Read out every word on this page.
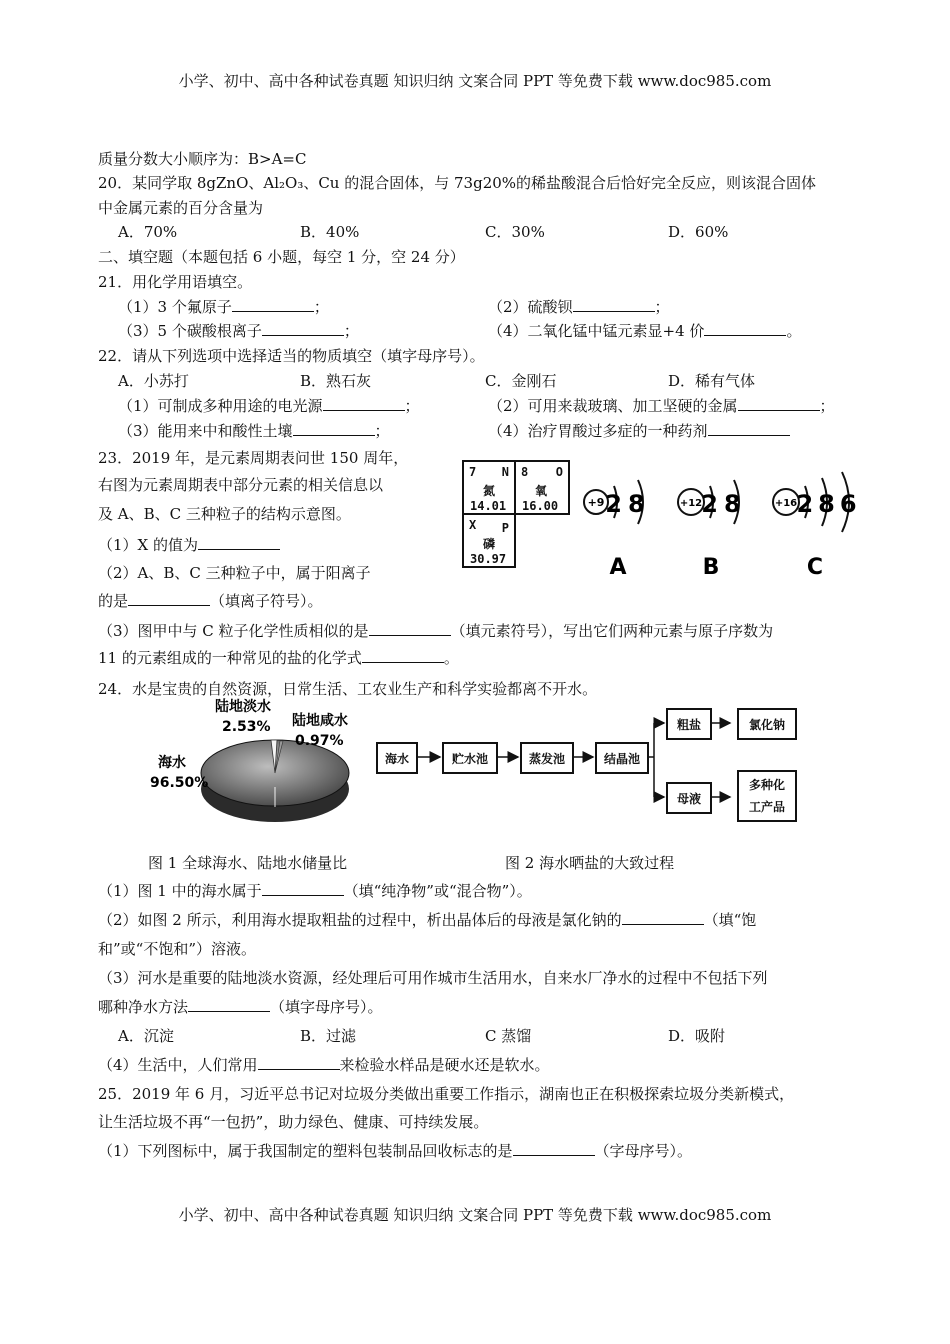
小学、初中、高中各种试卷真题 知识归纳 文案合同 PPT 等免费下载 www.doc985.com
小学、初中、高中各种试卷真题 知识归纳 文案合同 PPT 等免费下载 www.doc985.com
质量分数大小顺序为：B>A=C
20．某同学取 8gZnO、Al₂O₃、Cu 的混合固体，与 73g20%的稀盐酸混合后恰好完全反应，则该混合固体
中金属元素的百分含量为
A．70%	B．40%	C．30%	D．60%
二、填空题（本题包括 6 小题，每空 1 分，空 24 分）
21．用化学用语填空。
（1）3 个氟原子	；	（2）硫酸钡	；
（3）5 个碳酸根离子	；	（4）二氧化锰中锰元素显+4 价	。
22．请从下列选项中选择适当的物质填空（填字母序号）。
A．小苏打	B．熟石灰	C．金刚石	D．稀有气体
（1）可制成多种用途的电光源	；	（2）可用来裁玻璃、加工坚硬的金属	；
（3）能用来中和酸性土壤	；	（4）治疗胃酸过多症的一种药剂
23．2019 年，是元素周期表问世 150 周年，
右图为元素周期表中部分元素的相关信息以
及 A、B、C 三种粒子的结构示意图。
（1）X 的值为
（2）A、B、C 三种粒子中，属于阳离子
的是	（填离子符号）。
（3）图甲中与 C 粒子化学性质相似的是	（填元素符号），写出它们两种元素与原子序数为
11 的元素组成的一种常见的盐的化学式	。
7 N
氮
14.01
8 O
氧
16.00
X P
磷
30.97
+9 28
A
+12 28
B
+16 286
C
24．水是宝贵的自然资源，日常生活、工农业生产和科学实验都离不开水。
陆地淡水
2.53% 陆地咸水
0.97%
海水
96.50%
海水	贮水池	蒸发池	结晶池
粗盐	氯化钠
母液
多种化
工产品
图 1 全球海水、陆地水储量比	图 2 海水晒盐的大致过程
（1）图 1 中的海水属于	（填“纯净物”或“混合物”）。
（2）如图 2 所示，利用海水提取粗盐的过程中，析出晶体后的母液是氯化钠的	（填“饱
和”或“不饱和”）溶液。
（3）河水是重要的陆地淡水资源，经处理后可用作城市生活用水，自来水厂净水的过程中不包括下列
哪种净水方法	（填字母序号）。
A．沉淀	B．过滤	C 蒸馏	D．吸附
（4）生活中，人们常用	来检验水样品是硬水还是软水。
25．2019 年 6 月，习近平总书记对垃圾分类做出重要工作指示，湖南也正在积极探索垃圾分类新模式，
让生活垃圾不再“一包扔”，助力绿色、健康、可持续发展。
（1）下列图标中，属于我国制定的塑料包装制品回收标志的是	（字母序号）。
